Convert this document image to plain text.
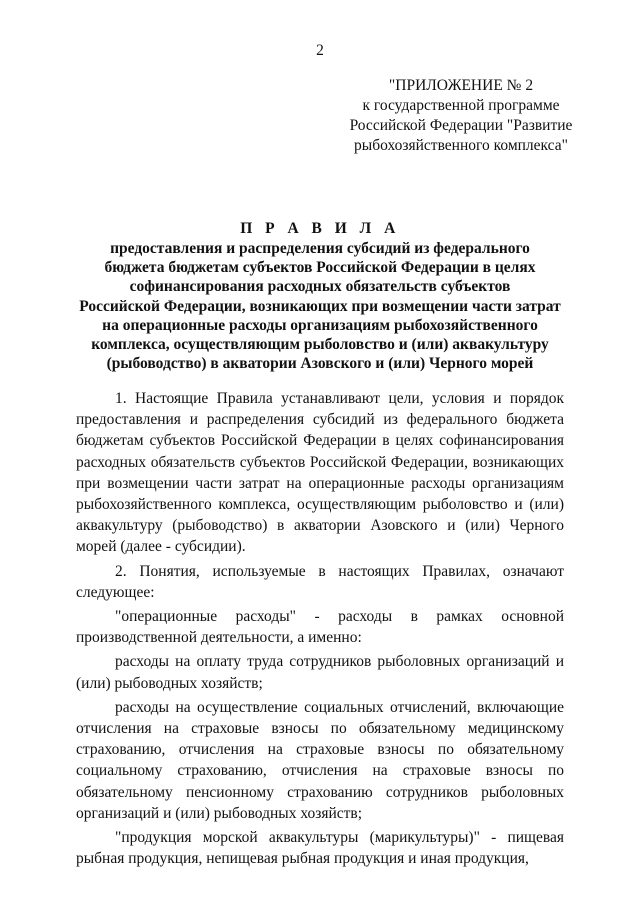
2
"ПРИЛОЖЕНИЕ № 2
к государственной программе
Российской Федерации "Развитие
рыбохозяйственного комплекса"
П Р А В И Л А
предоставления и распределения субсидий из федерального
бюджета бюджетам субъектов Российской Федерации в целях
софинансирования расходных обязательств субъектов
Российской Федерации, возникающих при возмещении части затрат
на операционные расходы организациям рыбохозяйственного
комплекса, осуществляющим рыболовство и (или) аквакультуру
(рыбоводство) в акватории Азовского и (или) Черного морей

1. Настоящие Правила устанавливают цели, условия и порядок предоставления и распределения субсидий из федерального бюджета бюджетам субъектов Российской Федерации в целях софинансирования расходных обязательств субъектов Российской Федерации, возникающих при возмещении части затрат на операционные расходы организациям рыбохозяйственного комплекса, осуществляющим рыболовство и (или) аквакультуру (рыбоводство) в акватории Азовского и (или) Черного морей (далее - субсидии).

2. Понятия, используемые в настоящих Правилах, означают следующее:

"операционные расходы" - расходы в рамках основной производственной деятельности, а именно:

расходы на оплату труда сотрудников рыболовных организаций и (или) рыбоводных хозяйств;

расходы на осуществление социальных отчислений, включающие отчисления на страховые взносы по обязательному медицинскому страхованию, отчисления на страховые взносы по обязательному социальному страхованию, отчисления на страховые взносы по обязательному пенсионному страхованию сотрудников рыболовных организаций и (или) рыбоводных хозяйств;

"продукция морской аквакультуры (марикультуры)" - пищевая рыбная продукция, непищевая рыбная продукция и иная продукция,
